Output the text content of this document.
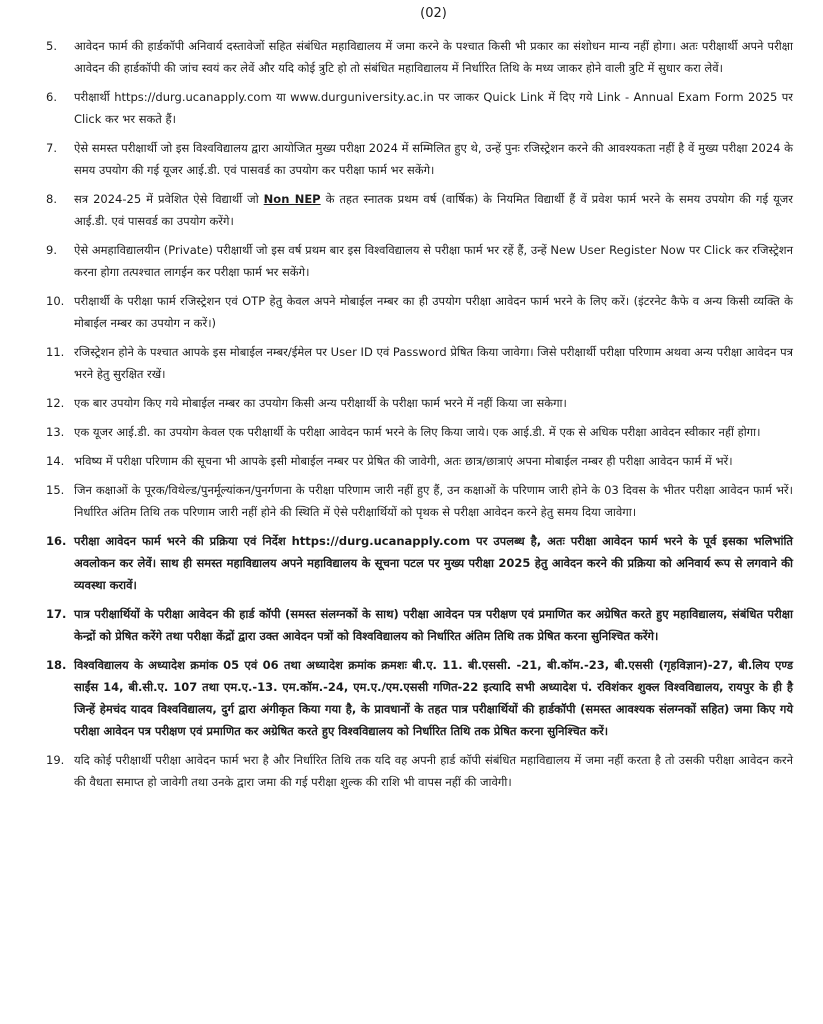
(02)
5.	आवेदन फार्म की हार्डकॉपी अनिवार्य दस्तावेजों सहित संबंधित महाविद्यालय में जमा करने के पश्चात किसी भी प्रकार का संशोधन मान्य नहीं होगा। अतः परीक्षार्थी अपने परीक्षा आवेदन की हार्डकॉपी की जांच स्वयं कर लेवें और यदि कोई त्रुटि हो तो संबंधित महाविद्यालय में निर्धारित तिथि के मध्य जाकर होने वाली त्रुटि में सुधार करा लेवें।
6.	परीक्षार्थी https://durg.ucanapply.com या www.durguniversity.ac.in पर जाकर Quick Link में दिए गये Link - Annual Exam Form 2025 पर Click कर भर सकते हैं।
7.	ऐसे समस्त परीक्षार्थी जो इस विश्वविद्यालय द्वारा आयोजित मुख्य परीक्षा 2024 में सम्मिलित हुए थे, उन्हें पुनः रजिस्ट्रेशन करने की आवश्यकता नहीं है वें मुख्य परीक्षा 2024 के समय उपयोग की गई यूजर आई.डी. एवं पासवर्ड का उपयोग कर परीक्षा फार्म भर सकेंगे।
8.	सत्र 2024-25 में प्रवेशित ऐसे विद्यार्थी जो Non NEP के तहत स्नातक प्रथम वर्ष (वार्षिक) के नियमित विद्यार्थी हैं वें प्रवेश फार्म भरने के समय उपयोग की गई यूजर आई.डी. एवं पासवर्ड का उपयोग करेंगे।
9.	ऐसे अमहाविद्यालयीन (Private) परीक्षार्थी जो इस वर्ष प्रथम बार इस विश्वविद्यालय से परीक्षा फार्म भर रहें हैं, उन्हें New User Register Now पर Click कर रजिस्ट्रेशन करना होगा तत्पश्चात लागईन कर परीक्षा फार्म भर सकेंगे।
10. परीक्षार्थी के परीक्षा फार्म रजिस्ट्रेशन एवं OTP हेतु केवल अपने मोबाईल नम्बर का ही उपयोग परीक्षा आवेदन फार्म भरने के लिए करें। (इंटरनेट कैफे व अन्य किसी व्यक्ति के मोबाईल नम्बर का उपयोग न करें।)
11. रजिस्ट्रेशन होने के पश्चात आपके इस मोबाईल नम्बर/ईमेल पर User ID एवं Password प्रेषित किया जावेगा। जिसे परीक्षार्थी परीक्षा परिणाम अथवा अन्य परीक्षा आवेदन पत्र भरने हेतु सुरक्षित रखें।
12. एक बार उपयोग किए गये मोबाईल नम्बर का उपयोग किसी अन्य परीक्षार्थी के परीक्षा फार्म भरने में नहीं किया जा सकेगा।
13. एक यूजर आई.डी. का उपयोग केवल एक परीक्षार्थी के परीक्षा आवेदन फार्म भरने के लिए किया जाये। एक आई.डी. में एक से अधिक परीक्षा आवेदन स्वीकार नहीं होगा।
14. भविष्य में परीक्षा परिणाम की सूचना भी आपके इसी मोबाईल नम्बर पर प्रेषित की जावेगी, अतः छात्र/छात्राएं अपना मोबाईल नम्बर ही परीक्षा आवेदन फार्म में भरें।
15. जिन कक्षाओं के पूरक/विथेल्ड/पुनर्मूल्यांकन/पुनर्गणना के परीक्षा परिणाम जारी नहीं हुए हैं, उन कक्षाओं के परिणाम जारी होने के 03 दिवस के भीतर परीक्षा आवेदन फार्म भरें। निर्धारित अंतिम तिथि तक परिणाम जारी नहीं होने की स्थिति में ऐसे परीक्षार्थियों को पृथक से परीक्षा आवेदन करने हेतु समय दिया जावेगा।
16. परीक्षा आवेदन फार्म भरने की प्रक्रिया एवं निर्देश https://durg.ucanapply.com पर उपलब्ध है, अतः परीक्षा आवेदन फार्म भरने के पूर्व इसका भलिभांति अवलोकन कर लेवें। साथ ही समस्त महाविद्यालय अपने महाविद्यालय के सूचना पटल पर मुख्य परीक्षा 2025 हेतु आवेदन करने की प्रक्रिया को अनिवार्य रूप से लगवाने की व्यवस्था करावें।
17. पात्र परीक्षार्थियों के परीक्षा आवेदन की हार्ड कॉपी (समस्त संलग्नकों के साथ) परीक्षा आवेदन पत्र परीक्षण एवं प्रमाणित कर अग्रेषित करते हुए महाविद्यालय, संबंधित परीक्षा केन्द्रों को प्रेषित करेंगे तथा परीक्षा केंद्रों द्वारा उक्त आवेदन पत्रों को विश्वविद्यालय को निर्धारित अंतिम तिथि तक प्रेषित करना सुनिश्चित करेंगे।
18. विश्वविद्यालय के अध्यादेश क्रमांक 05 एवं 06 तथा अध्यादेश क्रमांक क्रमशः बी.ए. 11. बी.एससी. -21, बी.कॉम.-23, बी.एससी (गृहविज्ञान)-27, बी.लिय एण्ड साईंस 14, बी.सी.ए. 107 तथा एम.ए.-13. एम.कॉम.-24, एम.ए./एम.एससी गणित-22 इत्यादि सभी अध्यादेश पं. रविशंकर शुक्ल विश्वविद्यालय, रायपुर के ही है जिन्हें हेमचंद यादव विश्वविद्यालय, दुर्ग द्वारा अंगीकृत किया गया है, के प्रावधानों के तहत पात्र परीक्षार्थियों की हार्डकॉपी (समस्त आवश्यक संलग्नकों सहित) जमा किए गये परीक्षा आवेदन पत्र परीक्षण एवं प्रमाणित कर अग्रेषित करते हुए विश्वविद्यालय को निर्धारित तिथि तक प्रेषित करना सुनिश्चित करें।
19. यदि कोई परीक्षार्थी परीक्षा आवेदन फार्म भरा है और निर्धारित तिथि तक यदि वह अपनी हार्ड कॉपी संबंधित महाविद्यालय में जमा नहीं करता है तो उसकी परीक्षा आवेदन करने की वैधता समाप्त हो जावेगी तथा उनके द्वारा जमा की गई परीक्षा शुल्क की राशि भी वापस नहीं की जावेगी।
